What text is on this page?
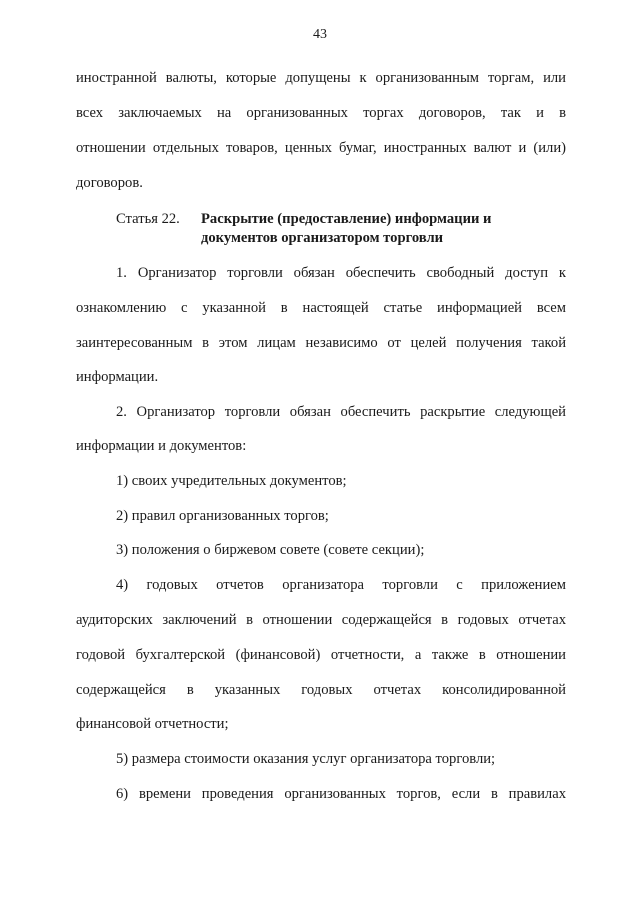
43
иностранной валюты, которые допущены к организованным торгам, или
всех заключаемых на организованных торгах договоров, так и в
отношении отдельных товаров, ценных бумаг, иностранных валют и (или)
договоров.
Статья 22. Раскрытие (предоставление) информации и
документов организатором торговли
1. Организатор торговли обязан обеспечить свободный доступ к
ознакомлению с указанной в настоящей статье информацией всем
заинтересованным в этом лицам независимо от целей получения такой
информации.
2. Организатор торговли обязан обеспечить раскрытие следующей
информации и документов:
1) своих учредительных документов;
2) правил организованных торгов;
3) положения о биржевом совете (совете секции);
4) годовых отчетов организатора торговли с приложением
аудиторских заключений в отношении содержащейся в годовых отчетах
годовой бухгалтерской (финансовой) отчетности, а также в отношении
содержащейся в указанных годовых отчетах консолидированной
финансовой отчетности;
5) размера стоимости оказания услуг организатора торговли;
6) времени проведения организованных торгов, если в правилах
